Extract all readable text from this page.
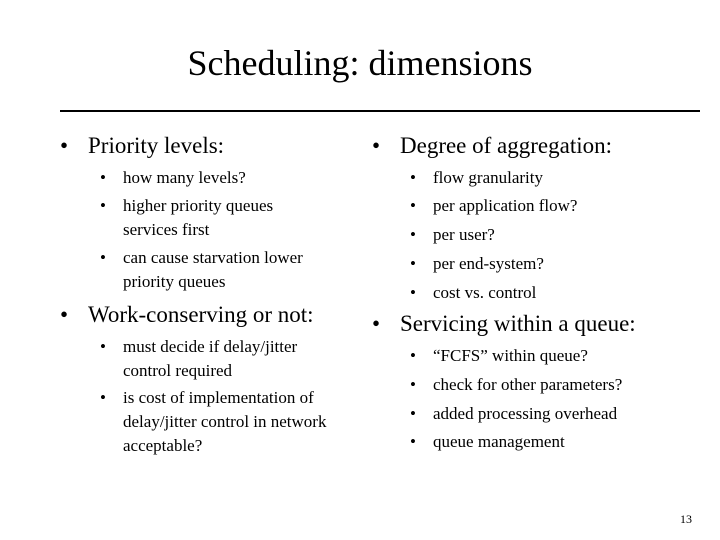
Scheduling: dimensions
• Priority levels:
• how many levels?
• higher priority queues services first
• can cause starvation lower priority queues
• Work-conserving or not:
• must decide if delay/jitter control required
• is cost of implementation of delay/jitter control in network acceptable?
• Degree of aggregation:
• flow granularity
• per application flow?
• per user?
• per end-system?
• cost vs. control
• Servicing within a queue:
• “FCFS” within queue?
• check for other parameters?
• added processing overhead
• queue management
13
